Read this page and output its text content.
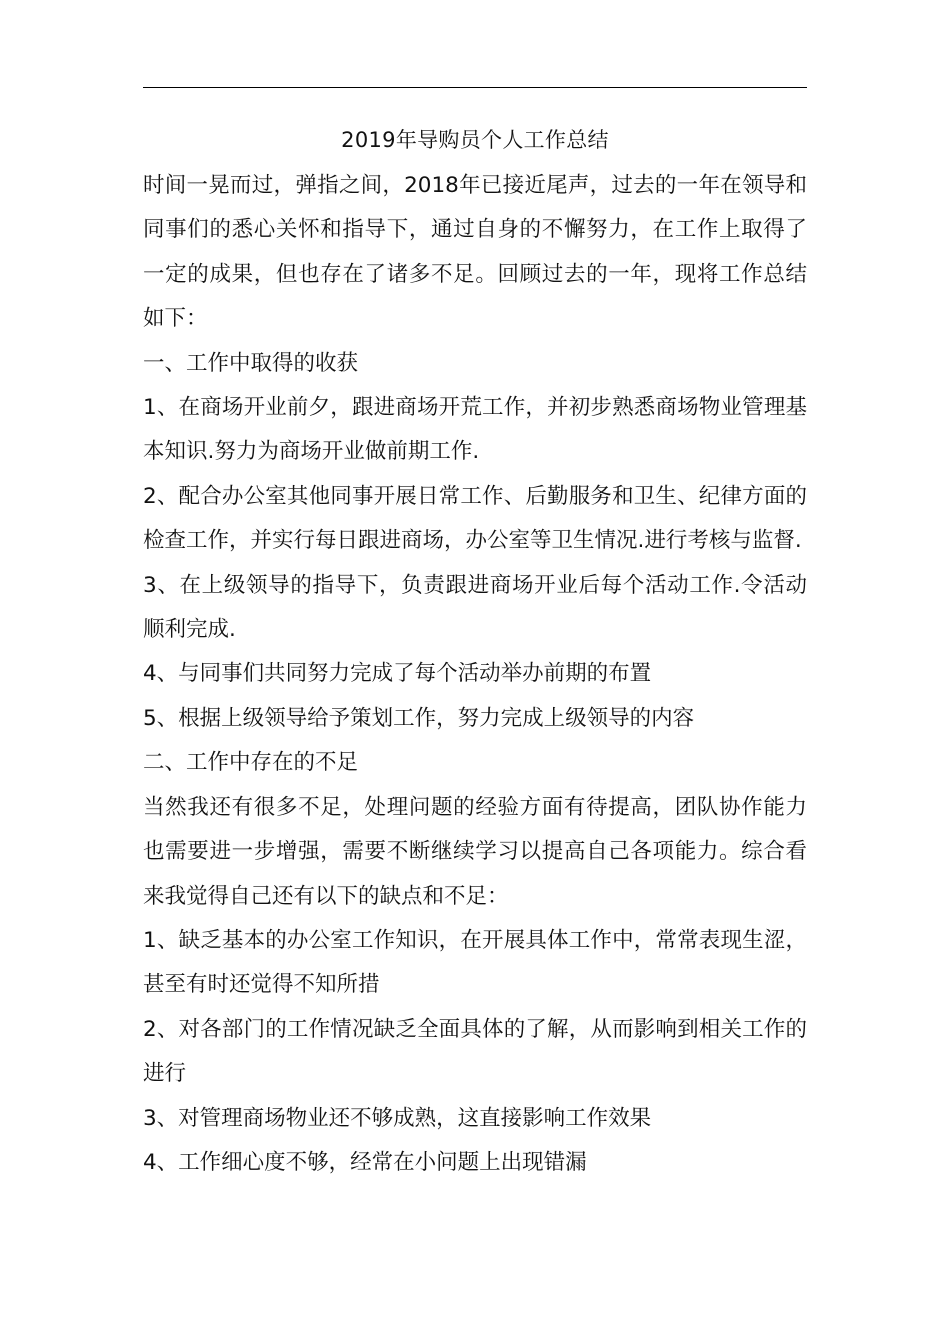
2019年导购员个人工作总结

时间一晃而过，弹指之间，2018年已接近尾声，过去的一年在领导和同事们的悉心关怀和指导下，通过自身的不懈努力，在工作上取得了一定的成果，但也存在了诸多不足。回顾过去的一年，现将工作总结如下：

一、工作中取得的收获

1、在商场开业前夕，跟进商场开荒工作，并初步熟悉商场物业管理基本知识.努力为商场开业做前期工作.

2、配合办公室其他同事开展日常工作、后勤服务和卫生、纪律方面的检查工作，并实行每日跟进商场，办公室等卫生情况.进行考核与监督.

3、在上级领导的指导下，负责跟进商场开业后每个活动工作.令活动顺利完成.

4、与同事们共同努力完成了每个活动举办前期的布置

5、根据上级领导给予策划工作，努力完成上级领导的内容

二、工作中存在的不足

当然我还有很多不足，处理问题的经验方面有待提高，团队协作能力也需要进一步增强，需要不断继续学习以提高自己各项能力。综合看来我觉得自己还有以下的缺点和不足：

1、缺乏基本的办公室工作知识，在开展具体工作中，常常表现生涩，甚至有时还觉得不知所措

2、对各部门的工作情况缺乏全面具体的了解，从而影响到相关工作的进行

3、对管理商场物业还不够成熟，这直接影响工作效果

4、工作细心度不够，经常在小问题上出现错漏
